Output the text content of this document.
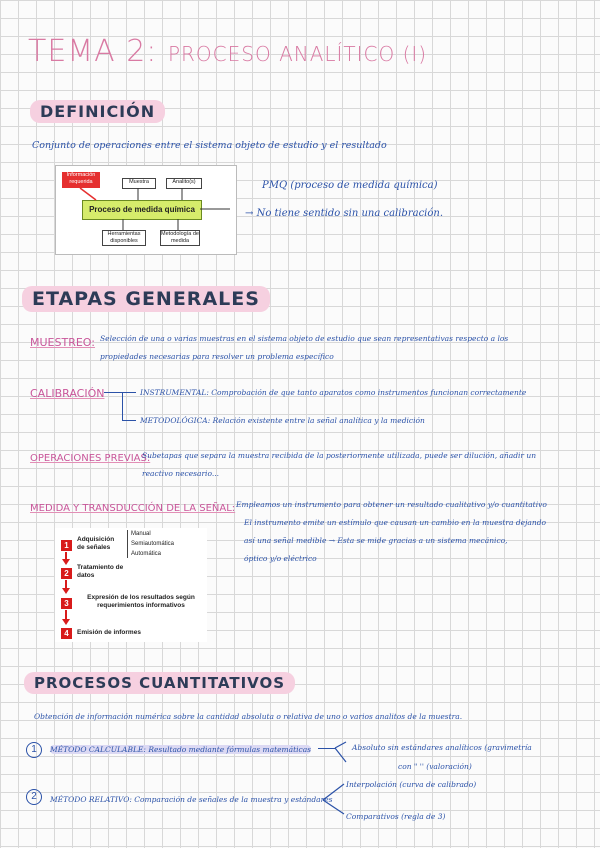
TEMA 2: PROCESO ANALÍTICO (I)
DEFINICIÓN
Conjunto de operaciones entre el sistema objeto de estudio y el resultado
Información requerida	Muestra	Analito(s)
Proceso de medida química
Herramientas disponibles
Metodología de medida
PMQ (proceso de medida química)
→ No tiene sentido sin una calibración.
ETAPAS GENERALES
MUESTREO: Selección de una o varias muestras en el sistema objeto de estudio que sean representativas respecto a los
propiedades necesarias para resolver un problema específico
CALIBRACIÓN	INSTRUMENTAL: Comprobación de que tanto aparatos como instrumentos funcionan correctamente
METODOLÓGICA: Relación existente entre la señal analítica y la medición
OPERACIONES PREVIAS:
Subetapas que separa la muestra recibida de la posteriormente utilizada, puede ser dilución, añadir un
reactivo necesario...
MEDIDA Y TRANSDUCCIÓN DE LA SEÑAL: Empleamos un instrumento para obtener un resultado cualitativo y/o cuantitativo
El instrumento emite un estímulo que causan un cambio en la muestra dejando
así una señal medible → Esta se mide gracias a un sistema mecánico,
óptico y/o eléctrico
1
Adquisición de señales
Manual
Semiautomática
Automática
2
Tratamiento de datos
3
Expresión de los resultados según requerimientos informativos
4	Emisión de informes
PROCESOS CUANTITATIVOS
Obtención de información numérica sobre la cantidad absoluta o relativa de uno o varios analitos de la muestra.
1	MÉTODO CALCULABLE: Resultado mediante fórmulas matemáticas	Absoluto sin estándares analíticos (gravimetría
con " '' (valoración)
2	MÉTODO RELATIVO: Comparación de señales de la muestra y estándares
Interpolación (curva de calibrado)
Comparativos (regla de 3)
